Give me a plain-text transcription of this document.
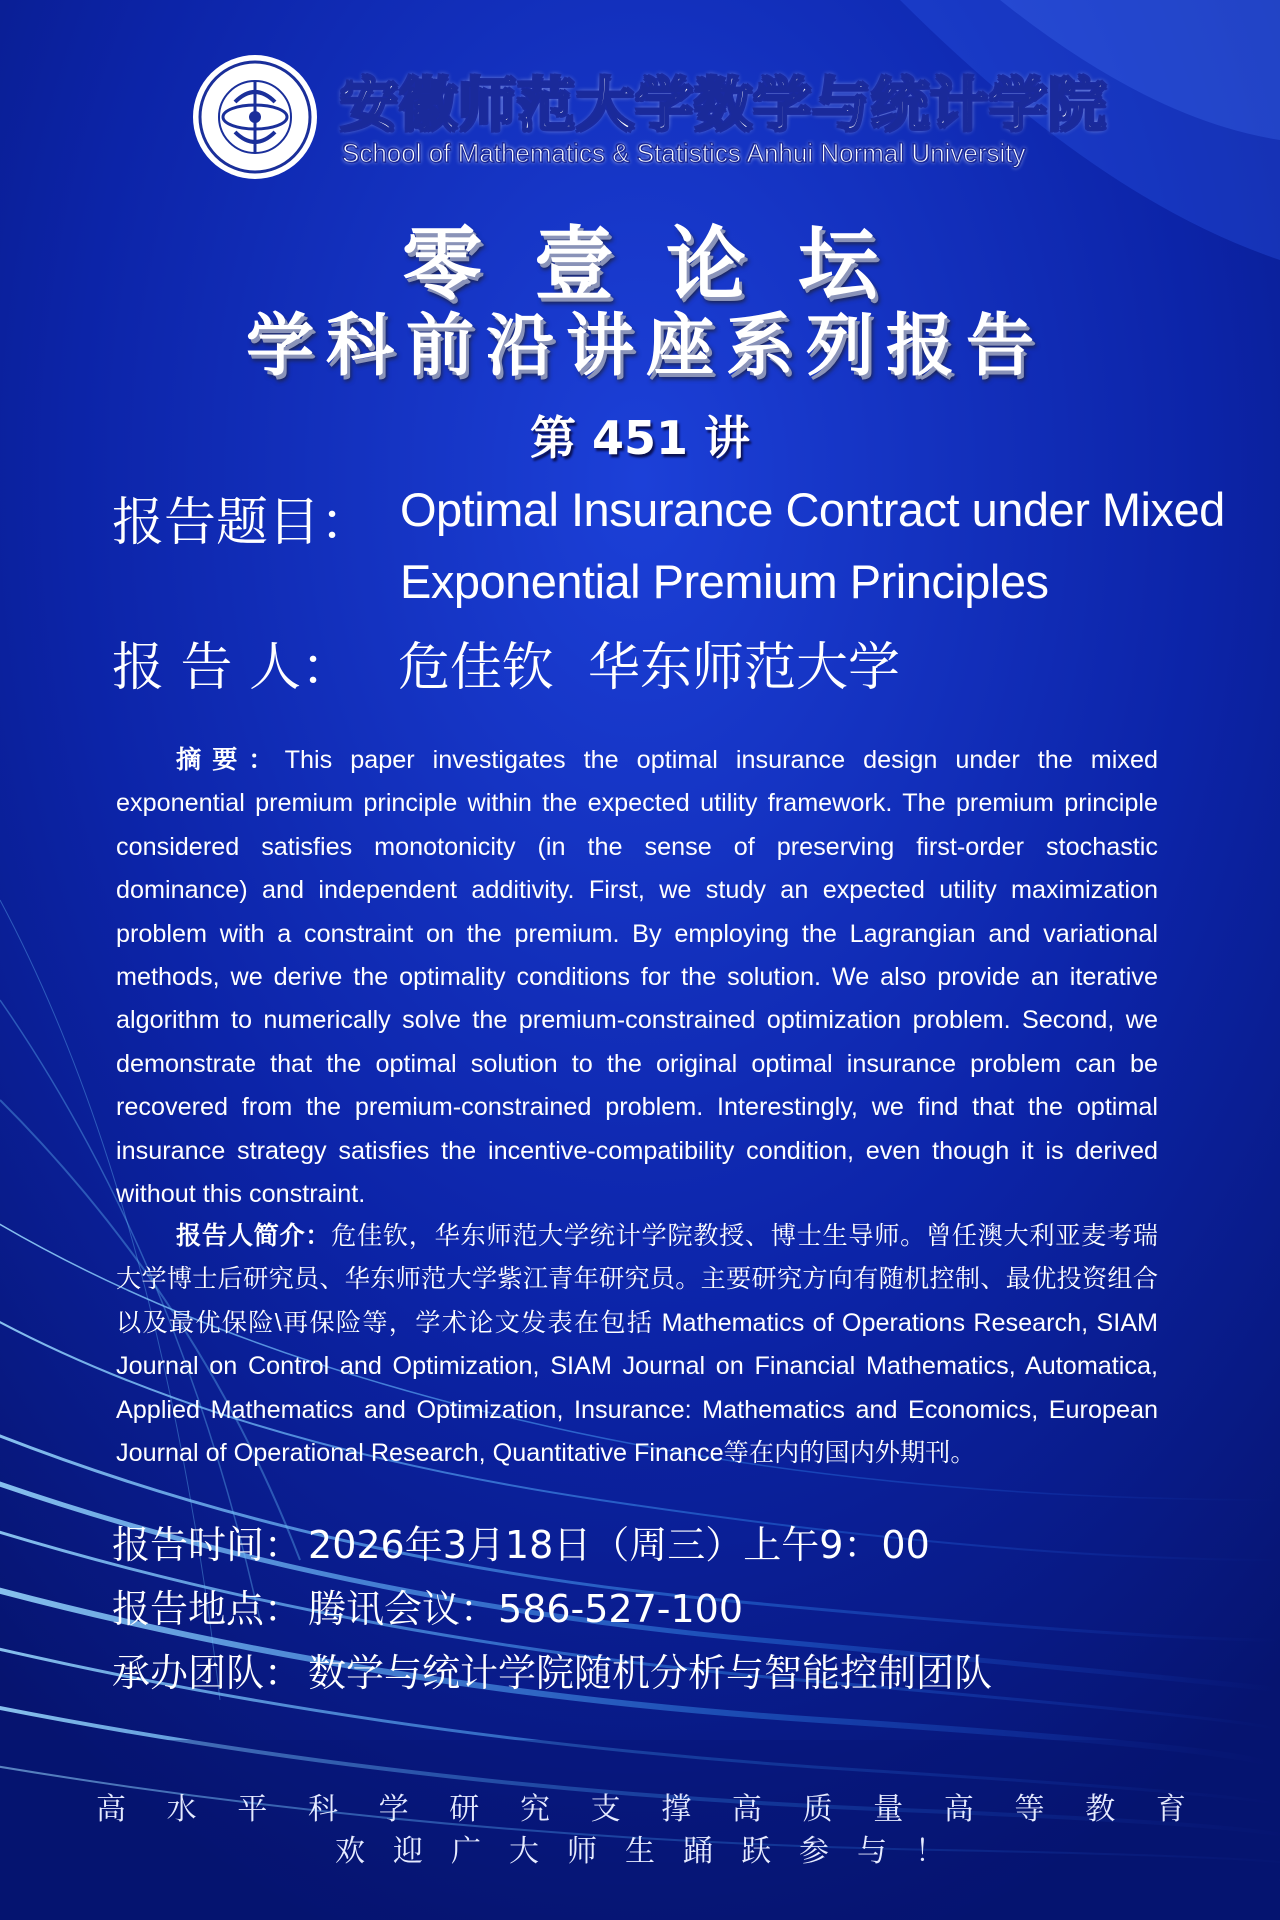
安徽师范大学数学与统计学院
School of Mathematics & Statistics Anhui Normal University
零壹论坛
学科前沿讲座系列报告
第 451 讲
报告题目： Optimal Insurance Contract under Mixed
Exponential Premium Principles
报 告 人： 危佳钦 华东师范大学
摘要：This paper investigates the optimal insurance design under the mixed exponential premium principle within the expected utility framework. The premium principle considered satisfies monotonicity (in the sense of preserving first-order stochastic dominance) and independent additivity. First, we study an expected utility maximization problem with a constraint on the premium. By employing the Lagrangian and variational methods, we derive the optimality conditions for the solution. We also provide an iterative algorithm to numerically solve the premium-constrained optimization problem. Second, we demonstrate that the optimal solution to the original optimal insurance problem can be recovered from the premium-constrained problem. Interestingly, we find that the optimal insurance strategy satisfies the incentive-compatibility condition, even though it is derived without this constraint.
报告人简介：危佳钦，华东师范大学统计学院教授、博士生导师。曾任澳大利亚麦考瑞大学博士后研究员、华东师范大学紫江青年研究员。主要研究方向有随机控制、最优投资组合以及最优保险\再保险等，学术论文发表在包括 Mathematics of Operations Research, SIAM Journal on Control and Optimization, SIAM Journal on Financial Mathematics, Automatica, Applied Mathematics and Optimization, Insurance: Mathematics and Economics, European Journal of Operational Research, Quantitative Finance等在内的国内外期刊。
报告时间： 2026年3月18日（周三）上午9：00
报告地点： 腾讯会议：586-527-100
承办团队： 数学与统计学院随机分析与智能控制团队
高 水 平 科 学 研 究 支 撑 高 质 量 高 等 教 育
欢迎广大师生踊跃参与！
